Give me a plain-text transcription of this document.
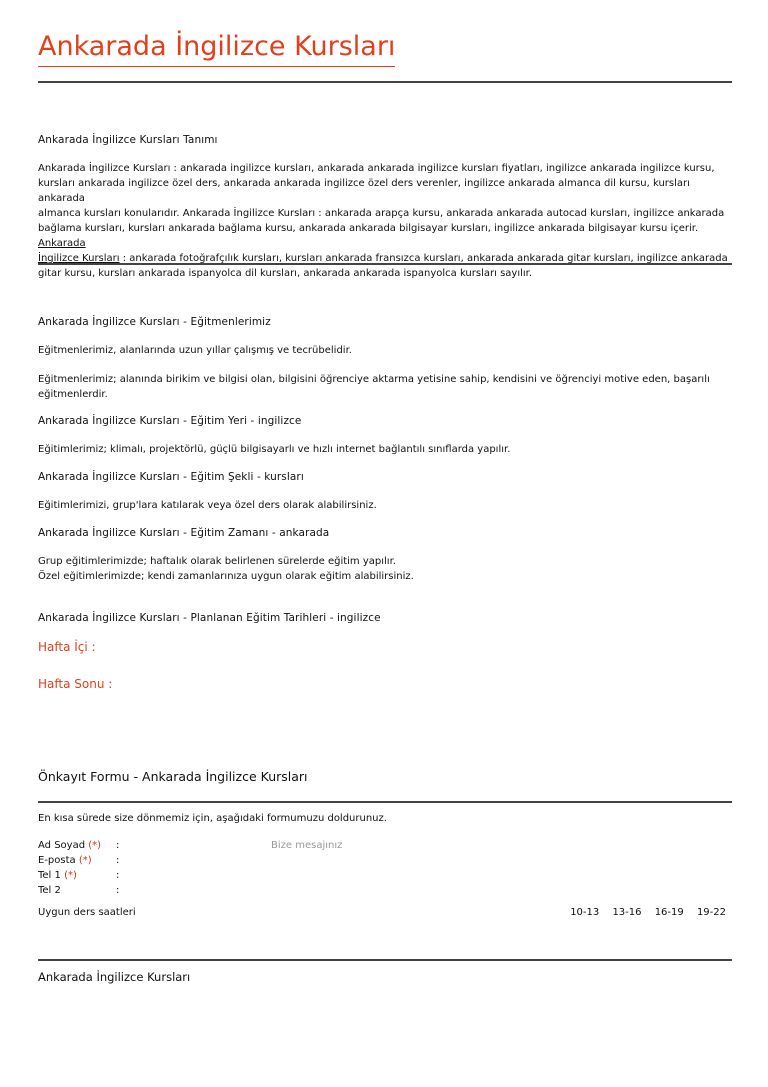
Ankarada İngilizce Kursları
Ankarada İngilizce Kursları Tanımı
Ankarada İngilizce Kursları : ankarada ingilizce kursları, ankarada ankarada ingilizce kursları fiyatları, ingilizce ankarada ingilizce kursu,
kursları ankarada ingilizce özel ders, ankarada ankarada ingilizce özel ders verenler, ingilizce ankarada almanca dil kursu, kursları ankarada
almanca kursları konularıdır. Ankarada İngilizce Kursları : ankarada arapça kursu, ankarada ankarada autocad kursları, ingilizce ankarada
bağlama kursları, kursları ankarada bağlama kursu, ankarada ankarada bilgisayar kursları, ingilizce ankarada bilgisayar kursu içerir. Ankarada
İngilizce Kursları : ankarada fotoğrafçılık kursları, kursları ankarada fransızca kursları, ankarada ankarada gitar kursları, ingilizce ankarada
gitar kursu, kursları ankarada ispanyolca dil kursları, ankarada ankarada ispanyolca kursları sayılır.
Ankarada İngilizce Kursları - Eğitmenlerimiz
Eğitmenlerimiz, alanlarında uzun yıllar çalışmış ve tecrübelidir.
Eğitmenlerimiz; alanında birikim ve bilgisi olan, bilgisini öğrenciye aktarma yetisine sahip, kendisini ve öğrenciyi motive eden, başarılı
eğitmenlerdir.
Ankarada İngilizce Kursları - Eğitim Yeri - ingilizce
Eğitimlerimiz; klimalı, projektörlü, güçlü bilgisayarlı ve hızlı internet bağlantılı sınıflarda yapılır.
Ankarada İngilizce Kursları - Eğitim Şekli - kursları
Eğitimlerimizi, grup'lara katılarak veya özel ders olarak alabilirsiniz.
Ankarada İngilizce Kursları - Eğitim Zamanı - ankarada
Grup eğitimlerimizde; haftalık olarak belirlenen sürelerde eğitim yapılır.
Özel eğitimlerimizde; kendi zamanlarınıza uygun olarak eğitim alabilirsiniz.
Ankarada İngilizce Kursları - Planlanan Eğitim Tarihleri - ingilizce
Hafta İçi :
Hafta Sonu :
Önkayıt Formu - Ankarada İngilizce Kursları
En kısa sürede size dönmemiz için, aşağıdaki formumuzu doldurunuz.
Ad Soyad (*) :	Bize mesajınız
E-posta (*) :
Tel 1 (*)	:
Tel 2	:
Uygun ders saatleri	10-13 13-16 16-19 19-22
Ankarada İngilizce Kursları
